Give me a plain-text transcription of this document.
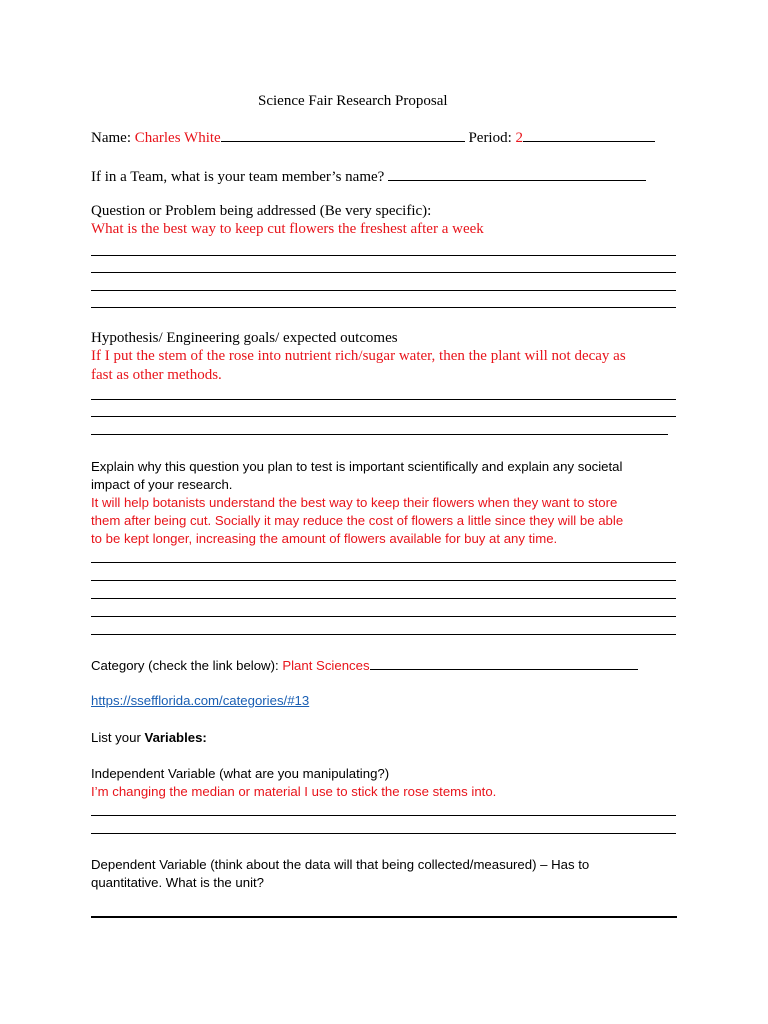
Science Fair Research Proposal
Name: Charles White	Period: 2
If in a Team, what is your team member’s name?
Question or Problem being addressed (Be very specific):
What is the best way to keep cut flowers the freshest after a week
Hypothesis/ Engineering goals/ expected outcomes
If I put the stem of the rose into nutrient rich/sugar water, then the plant will not decay as
fast as other methods.
Explain why this question you plan to test is important scientifically and explain any societal
impact of your research.
It will help botanists understand the best way to keep their flowers when they want to store
them after being cut. Socially it may reduce the cost of flowers a little since they will be able
to be kept longer, increasing the amount of flowers available for buy at any time.
Category (check the link below): Plant Sciences
https://ssefflorida.com/categories/#13
List your Variables:
Independent Variable (what are you manipulating?)
I’m changing the median or material I use to stick the rose stems into.
Dependent Variable (think about the data will that being collected/measured) – Has to
quantitative. What is the unit?
